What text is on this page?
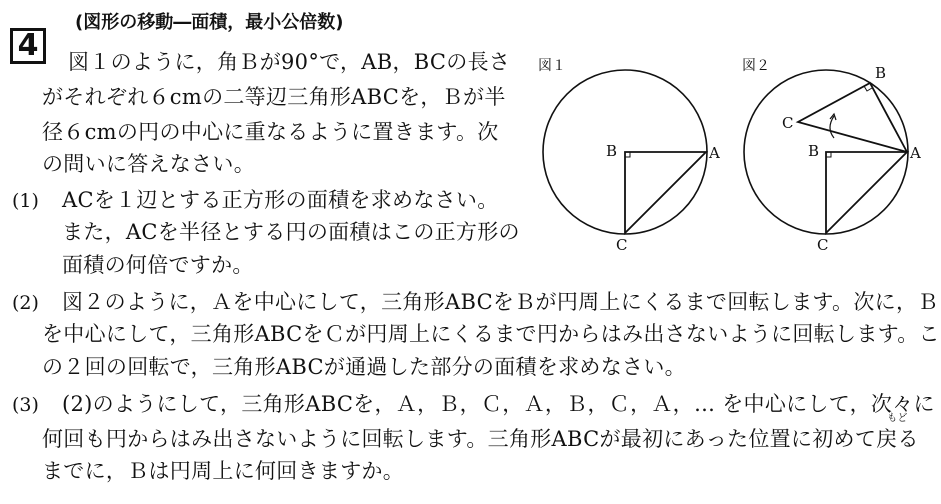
4
(図形の移動―面積，最小公倍数)
図１のように，角Ｂが90°で，AB，BCの長さ
がそれぞれ６cmの二等辺三角形ABCを，Ｂが半
径６cmの円の中心に重なるように置きます。次
の問いに答えなさい。
(1) ACを１辺とする正方形の面積を求めなさい。
また，ACを半径とする円の面積はこの正方形の
面積の何倍ですか。
(2) 図２のように，Ａを中心にして，三角形ABCをＢが円周上にくるまで回転します。次に，Ｂ
を中心にして，三角形ABCをＣが円周上にくるまで円からはみ出さないように回転します。こ
の２回の回転で，三角形ABCが通過した部分の面積を求めなさい。
(3) (2)のようにして，三角形ABCを，Ａ，Ｂ，Ｃ，Ａ，Ｂ，Ｃ，Ａ，… を中心にして，次々に
何回も円からはみ出さないように回転します。三角形ABCが最初にあった位置に初めて
もど
戻る
までに，Ｂは円周上に何回きますか。
図１
B	A
C
図２	B
C
B	A
C
